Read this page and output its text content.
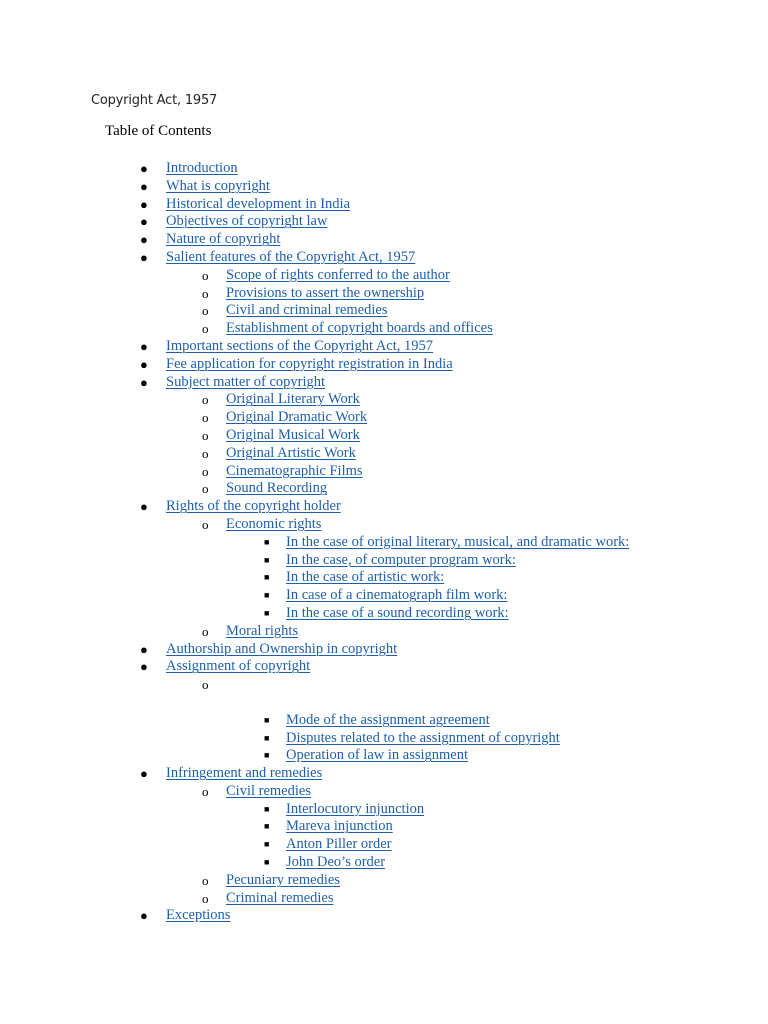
Copyright Act, 1957
Table of Contents
● Introduction
● What is copyright
● Historical development in India
● Objectives of copyright law
● Nature of copyright
● Salient features of the Copyright Act, 1957
o Scope of rights conferred to the author
o Provisions to assert the ownership
o Civil and criminal remedies
o Establishment of copyright boards and offices
● Important sections of the Copyright Act, 1957
● Fee application for copyright registration in India
● Subject matter of copyright
o Original Literary Work
o Original Dramatic Work
o Original Musical Work
o Original Artistic Work
o Cinematographic Films
o Sound Recording
● Rights of the copyright holder
o Economic rights
■ In the case of original literary, musical, and dramatic work:
■ In the case, of computer program work:
■ In the case of artistic work:
■ In case of a cinematograph film work:
■ In the case of a sound recording work:
o Moral rights
● Authorship and Ownership in copyright
● Assignment of copyright
o
■ Mode of the assignment agreement
■ Disputes related to the assignment of copyright
■ Operation of law in assignment
● Infringement and remedies
o Civil remedies
■ Interlocutory injunction
■ Mareva injunction
■ Anton Piller order
■ John Deo’s order
o Pecuniary remedies
o Criminal remedies
● Exceptions
